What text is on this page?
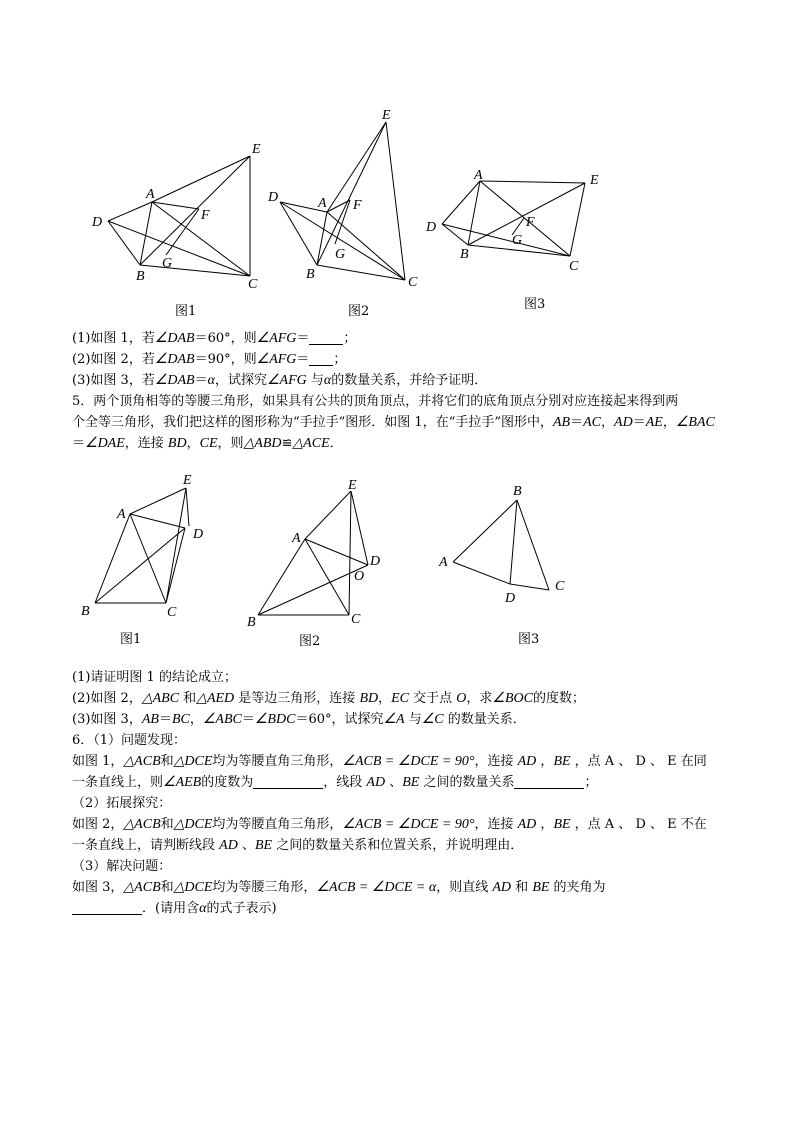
D
A
E
F
G
B
C
图1
D	A
E
F
G
B
C
图2
D
A	E
F
G
B
C
图3
(1)如图 1，若∠DAB＝60°，则∠AFG＝	；
(2)如图 2，若∠DAB＝90°，则∠AFG＝ ；
(3)如图 3，若∠DAB＝α，试探究∠AFG 与α的数量关系，并给予证明．
5．两个顶角相等的等腰三角形，如果具有公共的顶角顶点，并将它们的底角顶点分别对应连接起来得到两
个全等三角形，我们把这样的图形称为“手拉手”图形．如图 1，在“手拉手”图形中，AB＝AC，AD＝AE，∠BAC
＝∠DAE，连接 BD，CE，则△ABD≌△ACE．
A
E
D
B	C
图1
A
E
D
O
B	C
图2
A
B
C
D
图3
(1)请证明图 1 的结论成立；
(2)如图 2，△ABC 和△AED 是等边三角形，连接 BD，EC 交于点 O，求∠BOC的度数；
(3)如图 3，AB＝BC，∠ABC＝∠BDC＝60°，试探究∠A 与∠C 的数量关系．
6．（1）问题发现：
如图 1，△ACB和△DCE均为等腰直角三角形，∠ACB = ∠DCE = 90°，连接 AD ，BE ，点 A 、 D 、 E 在同
一条直线上，则∠AEB的度数为	，线段 AD 、BE 之间的数量关系	；
（2）拓展探究：
如图 2，△ACB和△DCE均为等腰直角三角形，∠ACB = ∠DCE = 90°，连接 AD ，BE ，点 A 、 D 、 E 不在
一条直线上，请判断线段 AD 、BE 之间的数量关系和位置关系，并说明理由．
（3）解决问题：
如图 3，△ACB和△DCE均为等腰三角形，∠ACB = ∠DCE = α，则直线 AD 和 BE 的夹角为
．(请用含α的式子表示)
